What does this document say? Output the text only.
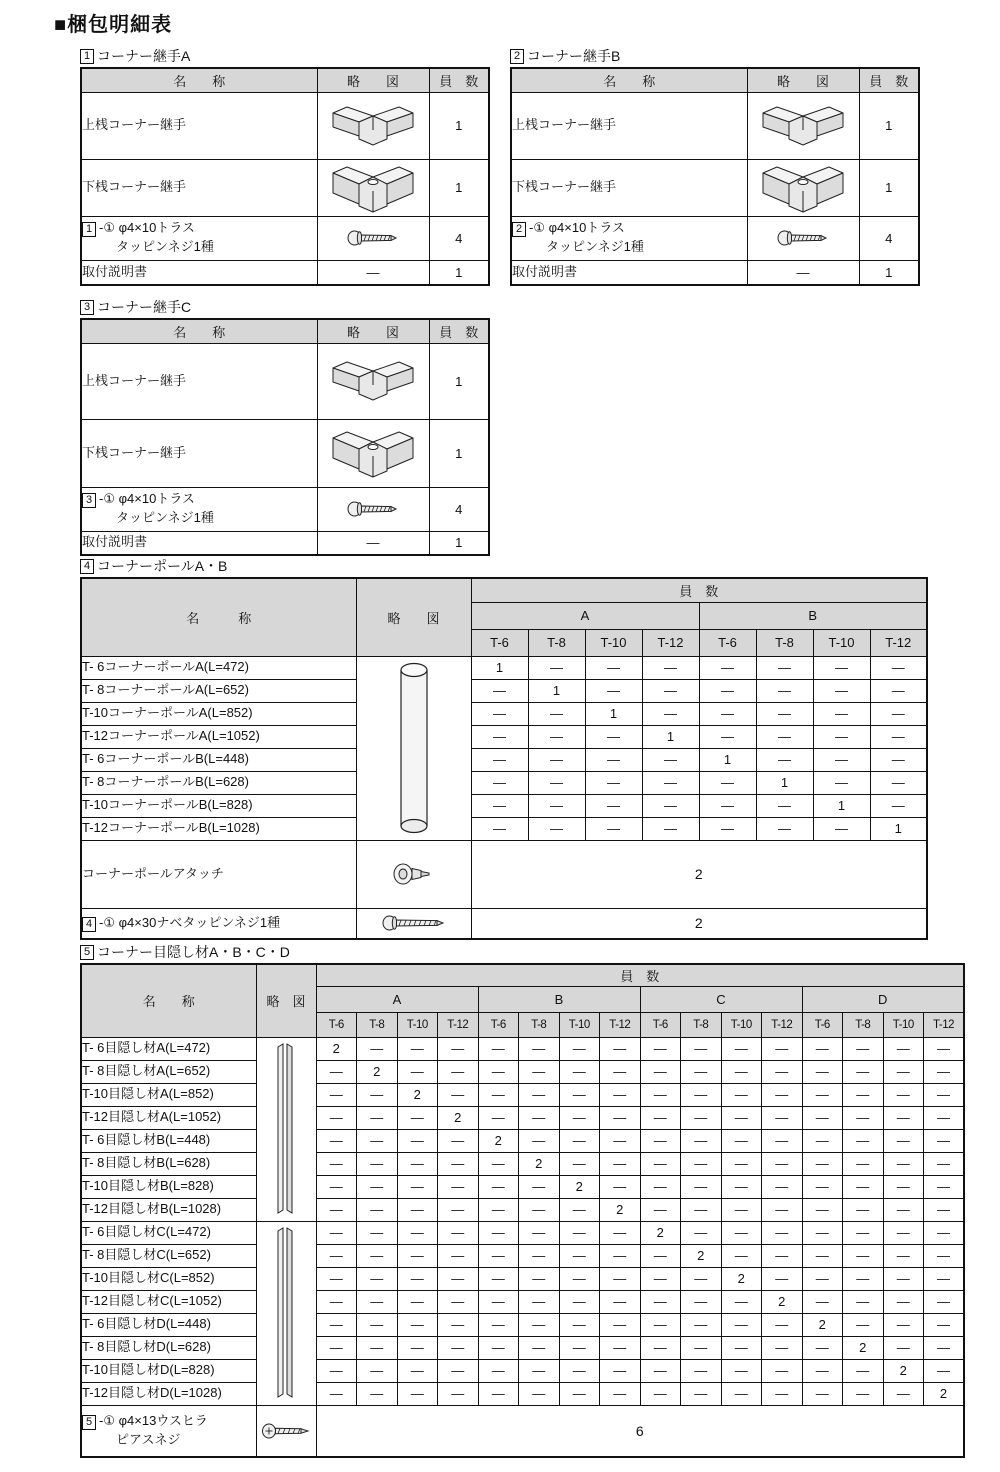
■梱包明細表
1 コーナー継手A
名　　称	略　　図	員　数
上桟コーナー継手		1
下桟コーナー継手		1
1 -① φ4×10トラス
タッピンネジ1種		4
取付説明書	—	1
2 コーナー継手B
名　　称	略　　図	員　数
上桟コーナー継手		1
下桟コーナー継手		1
2 -① φ4×10トラス
タッピンネジ1種		4
取付説明書	—	1
3 コーナー継手C
名　　称	略　　図	員　数
上桟コーナー継手		1
下桟コーナー継手		1
3 -① φ4×10トラス
タッピンネジ1種		4
取付説明書	—	1
4 コーナーポールA・B
名　　　称	略　　図	員　数							
		A				B			
		T-6	T-8	T-10	T-12	T-6	T-8	T-10	T-12
T- 6コーナーポールA(L=472)		1	—	—	—	—	—	—	—
T- 8コーナーポールA(L=652)		—	1	—	—	—	—	—	—
T-10コーナーポールA(L=852)		—	—	1	—	—	—	—	—
T-12コーナーポールA(L=1052)		—	—	—	1	—	—	—	—
T- 6コーナーポールB(L=448)		—	—	—	—	1	—	—	—
T- 8コーナーポールB(L=628)		—	—	—	—	—	1	—	—
T-10コーナーポールB(L=828)		—	—	—	—	—	—	1	—
T-12コーナーポールB(L=1028)		—	—	—	—	—	—	—	1
コーナーポールアタッチ		2							
4 -① φ4×30ナベタッピンネジ1種		2							
5 コーナー目隠し材A・B・C・D
名　　称	略　図	員　数															
		A				B				C				D			
		T-6	T-8	T-10	T-12	T-6	T-8	T-10	T-12	T-6	T-8	T-10	T-12	T-6	T-8	T-10	T-12
T- 6目隠し材A(L=472)		2	—	—	—	—	—	—	—	—	—	—	—	—	—	—	—
T- 8目隠し材A(L=652)		—	2	—	—	—	—	—	—	—	—	—	—	—	—	—	—
T-10目隠し材A(L=852)		—	—	2	—	—	—	—	—	—	—	—	—	—	—	—	—
T-12目隠し材A(L=1052)		—	—	—	2	—	—	—	—	—	—	—	—	—	—	—	—
T- 6目隠し材B(L=448)		—	—	—	—	2	—	—	—	—	—	—	—	—	—	—	—
T- 8目隠し材B(L=628)		—	—	—	—	—	2	—	—	—	—	—	—	—	—	—	—
T-10目隠し材B(L=828)		—	—	—	—	—	—	2	—	—	—	—	—	—	—	—	—
T-12目隠し材B(L=1028)		—	—	—	—	—	—	—	2	—	—	—	—	—	—	—	—
T- 6目隠し材C(L=472)		—	—	—	—	—	—	—	—	2	—	—	—	—	—	—	—
T- 8目隠し材C(L=652)		—	—	—	—	—	—	—	—	—	2	—	—	—	—	—	—
T-10目隠し材C(L=852)		—	—	—	—	—	—	—	—	—	—	2	—	—	—	—	—
T-12目隠し材C(L=1052)		—	—	—	—	—	—	—	—	—	—	—	2	—	—	—	—
T- 6目隠し材D(L=448)		—	—	—	—	—	—	—	—	—	—	—	—	2	—	—	—
T- 8目隠し材D(L=628)		—	—	—	—	—	—	—	—	—	—	—	—	—	2	—	—
T-10目隠し材D(L=828)		—	—	—	—	—	—	—	—	—	—	—	—	—	—	2	—
T-12目隠し材D(L=1028)		—	—	—	—	—	—	—	—	—	—	—	—	—	—	—	2
5 -① φ4×13ウスヒラ
ピアスネジ		6															
